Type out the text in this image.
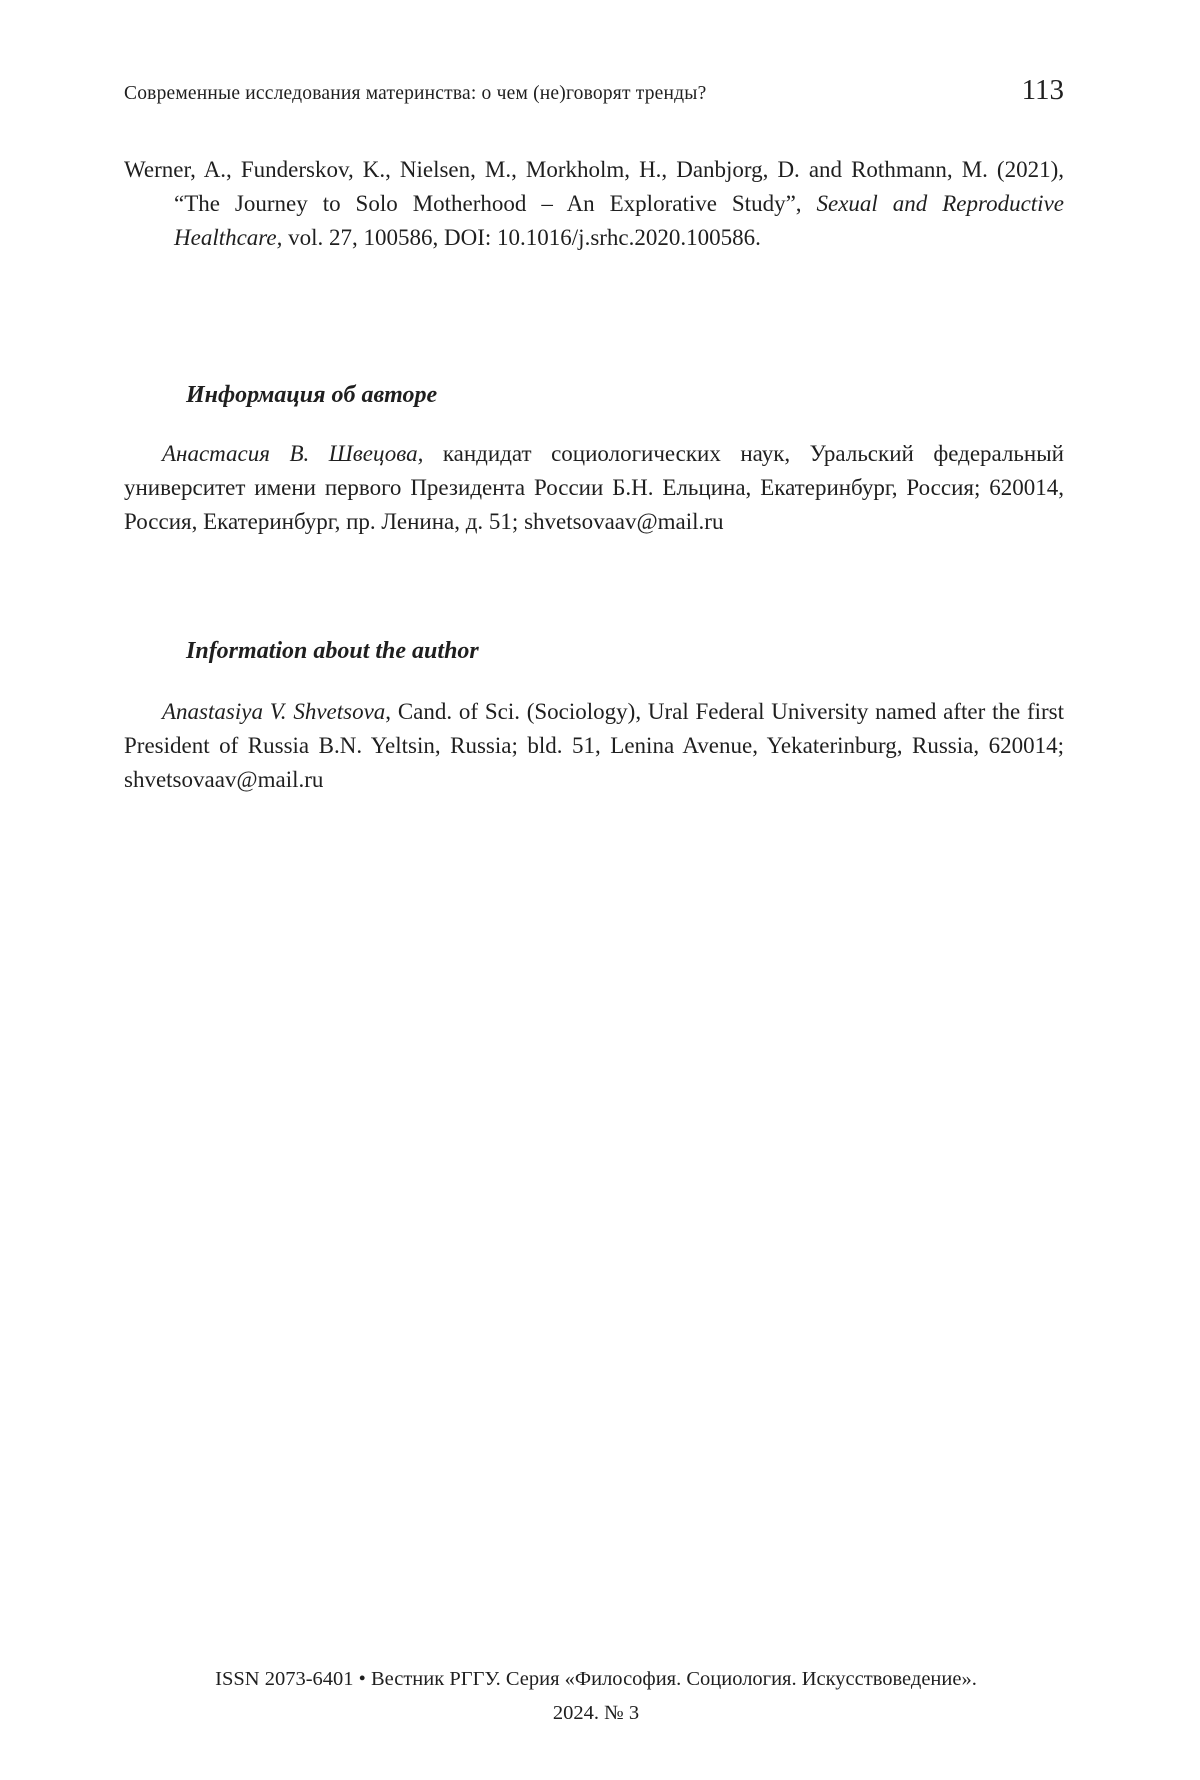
Современные исследования материнства: о чем (не)говорят тренды?	113

Werner, A., Funderskov, K., Nielsen, M., Morkholm, H., Danbjorg, D. and Rothmann, M. (2021), “The Journey to Solo Motherhood – An Explorative Study”, Sexual and Reproductive Healthcare, vol. 27, 100586, DOI: 10.1016/j.srhc.2020.100586.

Информация об авторе

Анастасия В. Швецова, кандидат социологических наук, Уральский федеральный университет имени первого Президента России Б.Н. Ельцина, Екатеринбург, Россия; 620014, Россия, Екатеринбург, пр. Ленина, д. 51; shvetsovaav@mail.ru

Information about the author

Anastasiya V. Shvetsova, Cand. of Sci. (Sociology), Ural Federal University named after the first President of Russia B.N. Yeltsin, Russia; bld. 51, Lenina Avenue, Yekaterinburg, Russia, 620014; shvetsovaav@mail.ru

ISSN 2073-6401 • Вестник РГГУ. Серия «Философия. Социология. Искусствоведение».
2024. № 3
